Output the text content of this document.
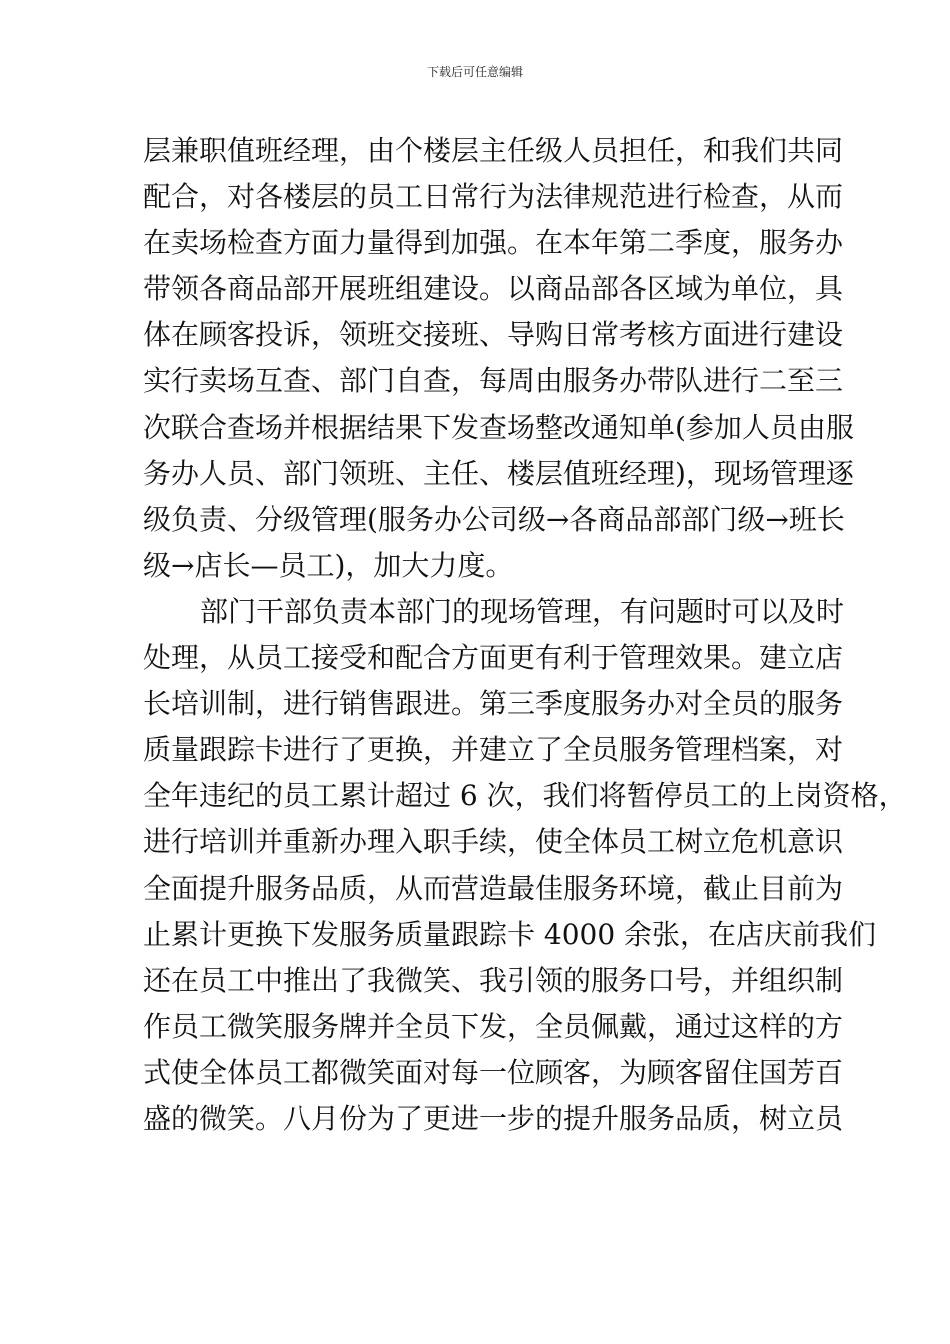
下载后可任意编辑
层兼职值班经理，由个楼层主任级人员担任，和我们共同
配合，对各楼层的员工日常行为法律规范进行检查，从而
在卖场检查方面力量得到加强。在本年第二季度，服务办
带领各商品部开展班组建设。以商品部各区域为单位，具
体在顾客投诉，领班交接班、导购日常考核方面进行建设
实行卖场互查、部门自查，每周由服务办带队进行二至三
次联合查场并根据结果下发查场整改通知单(参加人员由服
务办人员、部门领班、主任、楼层值班经理)，现场管理逐
级负责、分级管理(服务办公司级→各商品部部门级→班长
级→店长—员工)，加大力度。
部门干部负责本部门的现场管理，有问题时可以及时
处理，从员工接受和配合方面更有利于管理效果。建立店
长培训制，进行销售跟进。第三季度服务办对全员的服务
质量跟踪卡进行了更换，并建立了全员服务管理档案，对
全年违纪的员工累计超过 6 次，我们将暂停员工的上岗资格，
进行培训并重新办理入职手续，使全体员工树立危机意识
全面提升服务品质，从而营造最佳服务环境，截止目前为
止累计更换下发服务质量跟踪卡 4000 余张，在店庆前我们
还在员工中推出了我微笑、我引领的服务口号，并组织制
作员工微笑服务牌并全员下发，全员佩戴，通过这样的方
式使全体员工都微笑面对每一位顾客，为顾客留住国芳百
盛的微笑。八月份为了更进一步的提升服务品质，树立员
